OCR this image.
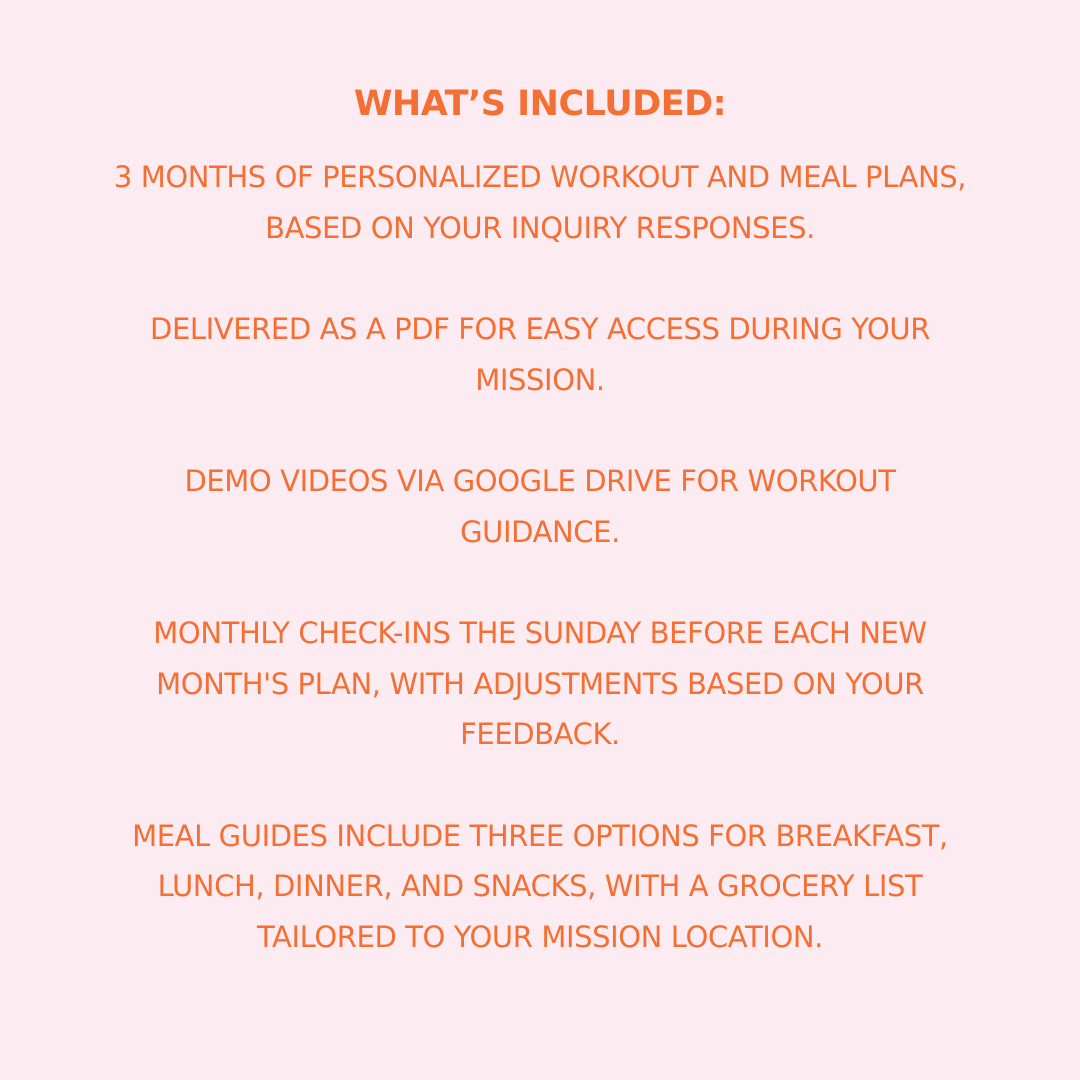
WHAT’S INCLUDED:

3 MONTHS OF PERSONALIZED WORKOUT AND MEAL PLANS, BASED ON YOUR INQUIRY RESPONSES.

DELIVERED AS A PDF FOR EASY ACCESS DURING YOUR MISSION.

DEMO VIDEOS VIA GOOGLE DRIVE FOR WORKOUT GUIDANCE.

MONTHLY CHECK-INS THE SUNDAY BEFORE EACH NEW MONTH'S PLAN, WITH ADJUSTMENTS BASED ON YOUR FEEDBACK.

MEAL GUIDES INCLUDE THREE OPTIONS FOR BREAKFAST, LUNCH, DINNER, AND SNACKS, WITH A GROCERY LIST TAILORED TO YOUR MISSION LOCATION.
